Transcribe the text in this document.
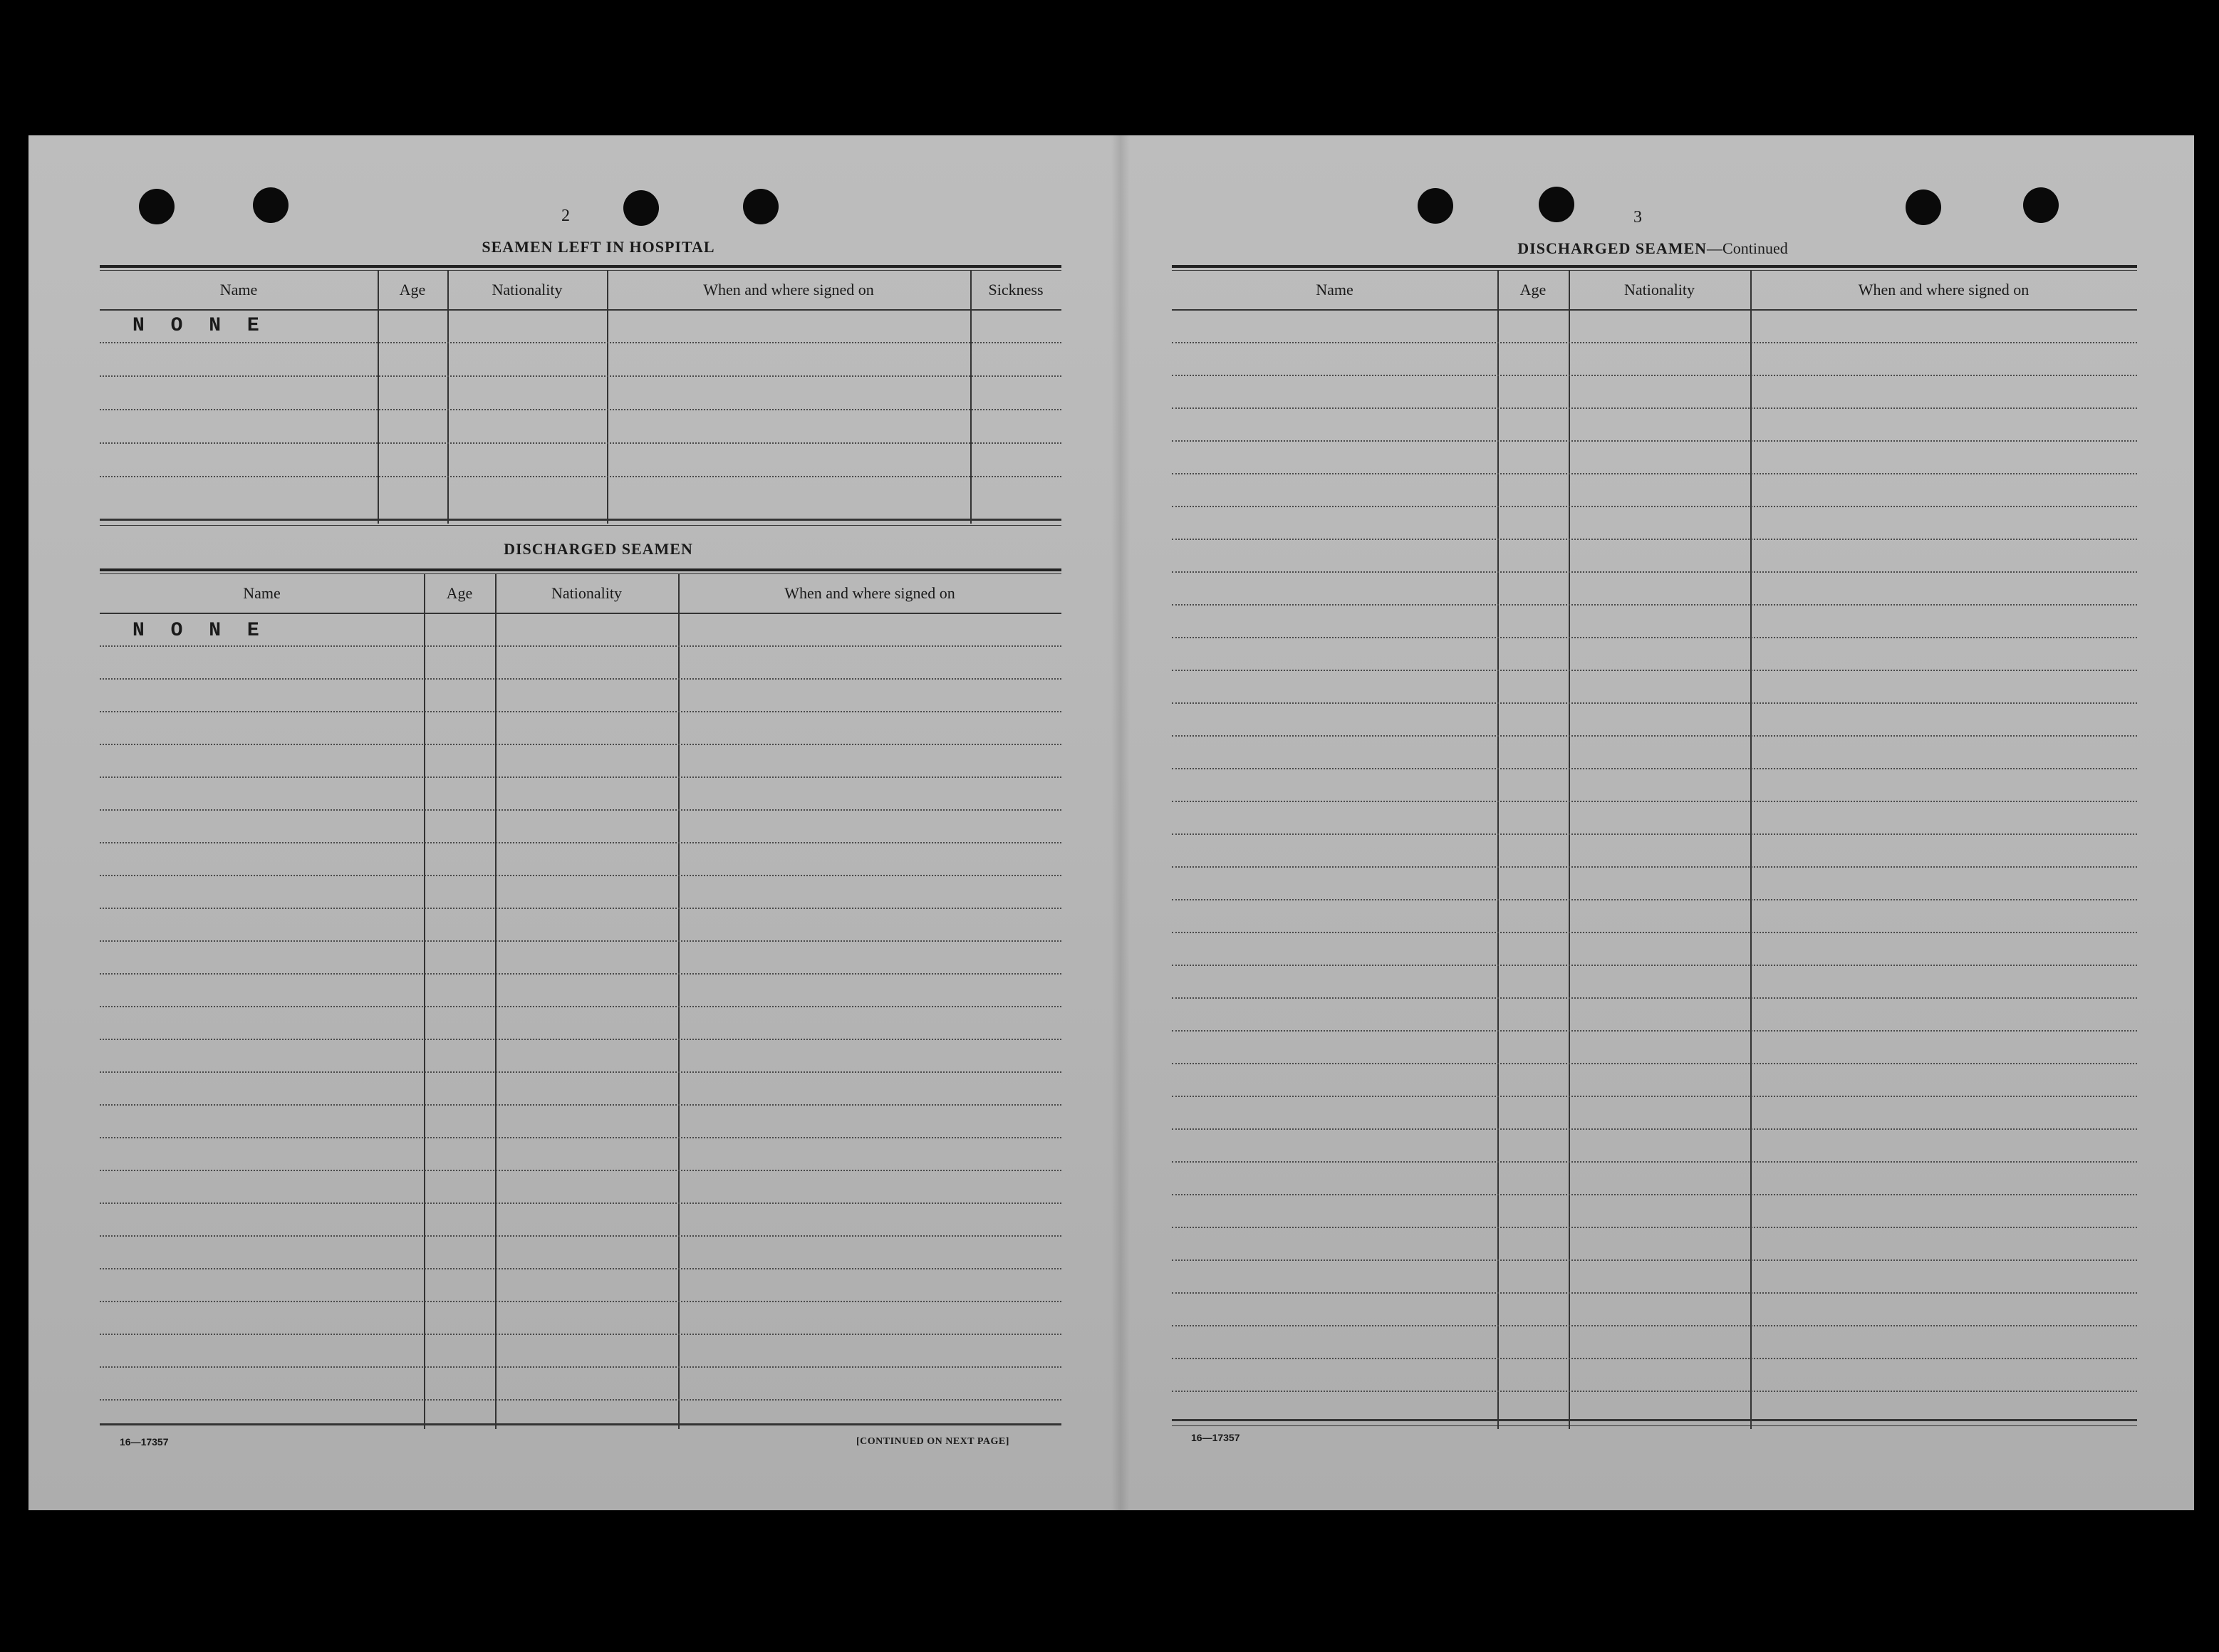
2
SEAMEN LEFT IN HOSPITAL
Name	Age	Nationality	When and where signed on	Sickness
N O N E
DISCHARGED SEAMEN
Name	Age	Nationality	When and where signed on
N O N E
16—17357	[CONTINUED ON NEXT PAGE]
3
DISCHARGED SEAMEN—Continued
Name	Age	Nationality	When and where signed on
16—17357
